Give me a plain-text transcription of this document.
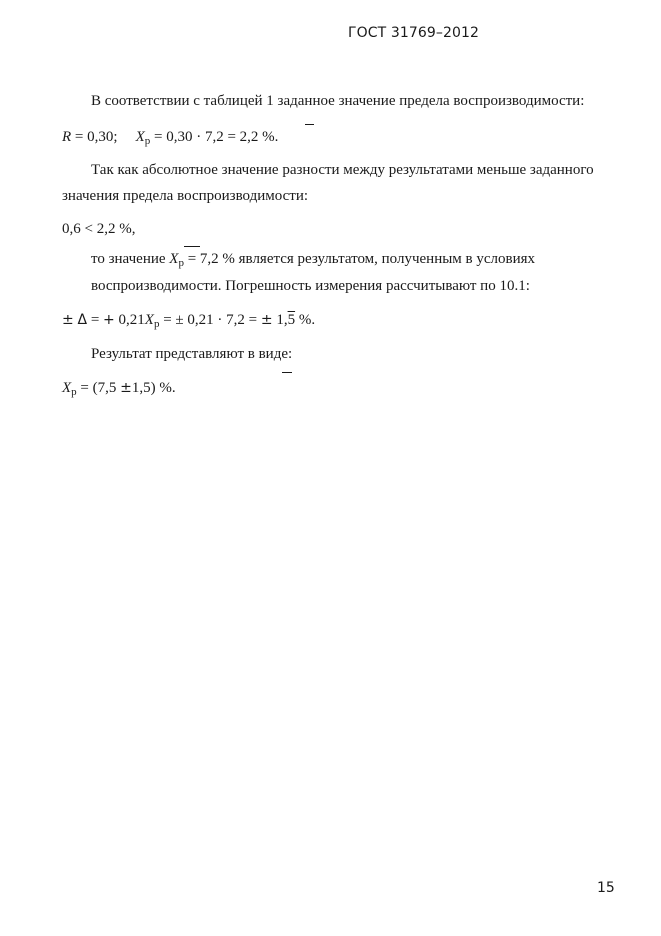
ГОСТ 31769–2012
В соответствии с таблицей 1 заданное значение предела воспроизводимости:
R = 0,30; $X_p = 0,30 \cdot 7,2 = 2,2$ %.
Так как абсолютное значение разности между результатами меньше заданного
значения предела воспроизводимости:
0,6 < 2,2 %,
то значение $X_p = 7,2$ % является результатом, полученным в условиях
воспроизводимости. Погрешность измерения рассчитывают по 10.1:
± Δ = + $0,21X_p$ = ± 0,21 · 7,2 = ± 1,5 %.
Результат представляют в виде:
$X_p = (7,5 \pm 1,5)$ %.
15
